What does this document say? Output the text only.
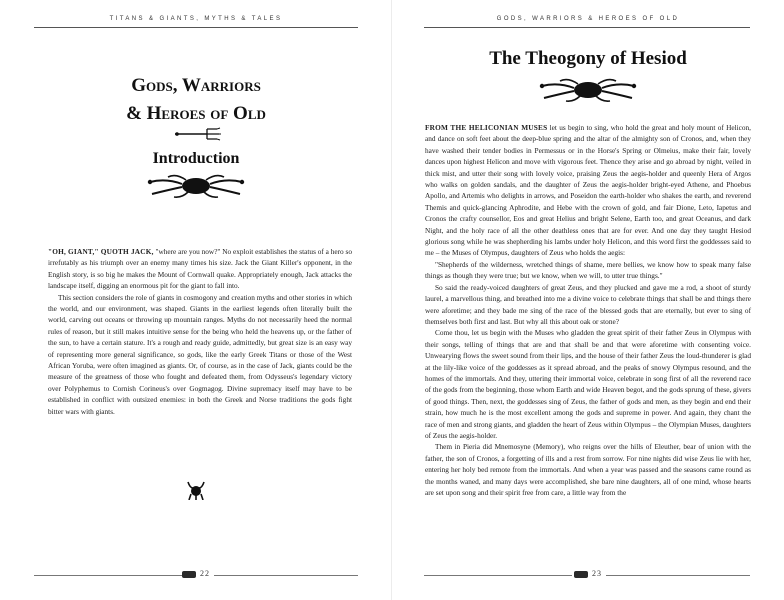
TITANS & GIANTS, MYTHS & TALES
Gods, Warriors
& Heroes of Old
Introduction

"OH, GIANT," QUOTH JACK, "where are you now?" No exploit establishes the status of a hero so irrefutably as his triumph over an enemy many times his size. Jack the Giant Killer's opponent, in the English story, is so big he makes the Mount of Cornwall quake. Appropriately enough, Jack attacks the landscape itself, digging an enormous pit for the giant to fall into.

This section considers the role of giants in cosmogony and creation myths and other stories in which the world, and our environment, was shaped. Giants in the earliest legends often literally built the world, carving out oceans or throwing up mountain ranges. Myths do not necessarily heed the normal rules of reason, but it still makes intuitive sense for the being who held the heavens up, or the father of the sun, to have a certain stature. It's a rough and ready guide, admittedly, but great size is an easy way of representing more general significance, so gods, like the early Greek Titans or those of the West African Yoruba, were often imagined as giants. Or, of course, as in the case of Jack, giants could be the measure of the greatness of those who fought and defeated them, from Odysseus's legendary victory over Polyphemus to Cornish Corineus's over Gogmagog. Divine supremacy itself may have to be established in conflict with outsized enemies: in both the Greek and Norse traditions the gods fight bitter wars with giants.

22
GODS, WARRIORS & HEROES OF OLD
The Theogony of Hesiod

FROM THE HELICONIAN MUSES let us begin to sing, who hold the great and holy mount of Helicon, and dance on soft feet about the deep-blue spring and the altar of the almighty son of Cronos, and, when they have washed their tender bodies in Permessus or in the Horse's Spring or Olmeius, make their fair, lovely dances upon highest Helicon and move with vigorous feet. Thence they arise and go abroad by night, veiled in thick mist, and utter their song with lovely voice, praising Zeus the aegis-holder and queenly Hera of Argos who walks on golden sandals, and the daughter of Zeus the aegis-holder bright-eyed Athene, and Phoebus Apollo, and Artemis who delights in arrows, and Poseidon the earth-holder who shakes the earth, and reverend Themis and quick-glancing Aphrodite, and Hebe with the crown of gold, and fair Dione, Leto, Iapetus and Cronos the crafty counsellor, Eos and great Helius and bright Selene, Earth too, and great Oceanus, and dark Night, and the holy race of all the other deathless ones that are for ever. And one day they taught Hesiod glorious song while he was shepherding his lambs under holy Helicon, and this word first the goddesses said to me – the Muses of Olympus, daughters of Zeus who holds the aegis:

"Shepherds of the wilderness, wretched things of shame, mere bellies, we know how to speak many false things as though they were true; but we know, when we will, to utter true things."

So said the ready-voiced daughters of great Zeus, and they plucked and gave me a rod, a shoot of sturdy laurel, a marvellous thing, and breathed into me a divine voice to celebrate things that shall be and things there were aforetime; and they bade me sing of the race of the blessed gods that are eternally, but ever to sing of themselves both first and last. But why all this about oak or stone?

Come thou, let us begin with the Muses who gladden the great spirit of their father Zeus in Olympus with their songs, telling of things that are and that shall be and that were aforetime with consenting voice. Unwearying flows the sweet sound from their lips, and the house of their father Zeus the loud-thunderer is glad at the lily-like voice of the goddesses as it spread abroad, and the peaks of snowy Olympus resound, and the homes of the immortals. And they, uttering their immortal voice, celebrate in song first of all the reverend race of the gods from the beginning, those whom Earth and wide Heaven begot, and the gods sprung of these, givers of good things. Then, next, the goddesses sing of Zeus, the father of gods and men, as they begin and end their strain, how much he is the most excellent among the gods and supreme in power. And again, they chant the race of men and strong giants, and gladden the heart of Zeus within Olympus – the Olympian Muses, daughters of Zeus the aegis-holder.

Them in Pieria did Mnemosyne (Memory), who reigns over the hills of Eleuther, bear of union with the father, the son of Cronos, a forgetting of ills and a rest from sorrow. For nine nights did wise Zeus lie with her, entering her holy bed remote from the immortals. And when a year was passed and the seasons came round as the months waned, and many days were accomplished, she bare nine daughters, all of one mind, whose hearts are set upon song and their spirit free from care, a little way from the

23
